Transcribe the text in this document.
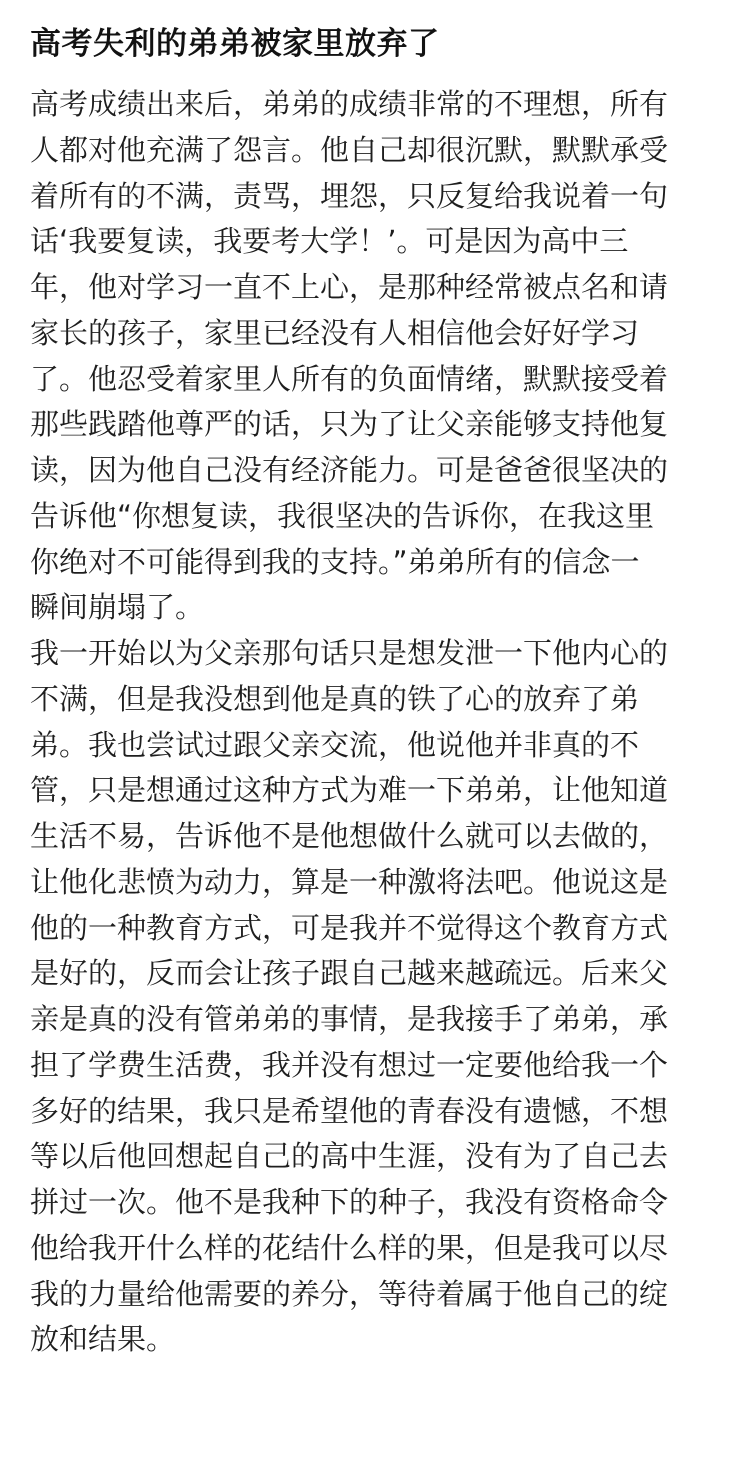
高考失利的弟弟被家里放弃了
高考成绩出来后，弟弟的成绩非常的不理想，所有
人都对他充满了怨言。他自己却很沉默，默默承受
着所有的不满，责骂，埋怨，只反复给我说着一句
话‘我要复读，我要考大学！’。可是因为高中三
年，他对学习一直不上心，是那种经常被点名和请
家长的孩子，家里已经没有人相信他会好好学习
了。他忍受着家里人所有的负面情绪，默默接受着
那些践踏他尊严的话，只为了让父亲能够支持他复
读，因为他自己没有经济能力。可是爸爸很坚决的
告诉他“你想复读，我很坚决的告诉你，在我这里
你绝对不可能得到我的支持。”弟弟所有的信念一
瞬间崩塌了。
我一开始以为父亲那句话只是想发泄一下他内心的
不满，但是我没想到他是真的铁了心的放弃了弟
弟。我也尝试过跟父亲交流，他说他并非真的不
管，只是想通过这种方式为难一下弟弟，让他知道
生活不易，告诉他不是他想做什么就可以去做的，
让他化悲愤为动力，算是一种激将法吧。他说这是
他的一种教育方式，可是我并不觉得这个教育方式
是好的，反而会让孩子跟自己越来越疏远。后来父
亲是真的没有管弟弟的事情，是我接手了弟弟，承
担了学费生活费，我并没有想过一定要他给我一个
多好的结果，我只是希望他的青春没有遗憾，不想
等以后他回想起自己的高中生涯，没有为了自己去
拼过一次。他不是我种下的种子，我没有资格命令
他给我开什么样的花结什么样的果，但是我可以尽
我的力量给他需要的养分，等待着属于他自己的绽
放和结果。
